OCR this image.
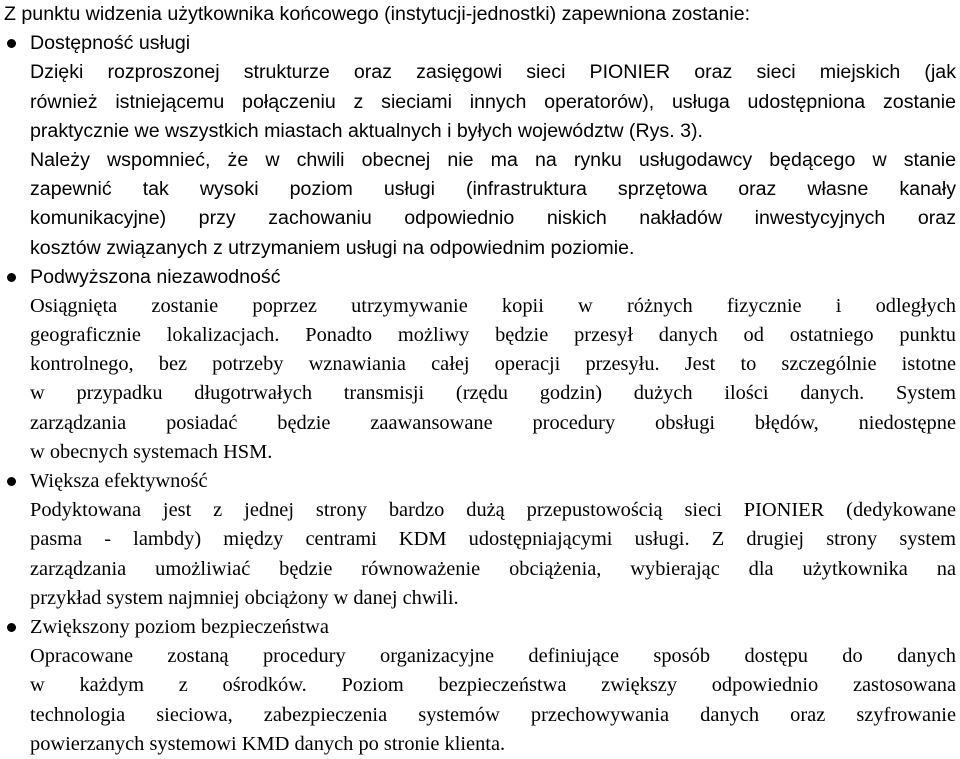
Z punktu widzenia użytkownika końcowego (instytucji-jednostki) zapewniona zostanie:
Dostępność usługi
Dzięki rozproszonej strukturze oraz zasięgowi sieci PIONIER oraz sieci miejskich (jak
również istniejącemu połączeniu z sieciami innych operatorów), usługa udostępniona zostanie
praktycznie we wszystkich miastach aktualnych i byłych województw (Rys. 3).
Należy wspomnieć, że w chwili obecnej nie ma na rynku usługodawcy będącego w stanie
zapewnić tak wysoki poziom usługi (infrastruktura sprzętowa oraz własne kanały
komunikacyjne) przy zachowaniu odpowiednio niskich nakładów inwestycyjnych oraz
kosztów związanych z utrzymaniem usługi na odpowiednim poziomie.
Podwyższona niezawodność
Osiągnięta zostanie poprzez utrzymywanie kopii w różnych fizycznie i odległych
geograficznie lokalizacjach. Ponadto możliwy będzie przesył danych od ostatniego punktu
kontrolnego, bez potrzeby wznawiania całej operacji przesyłu. Jest to szczególnie istotne
w przypadku długotrwałych transmisji (rzędu godzin) dużych ilości danych. System
zarządzania posiadać będzie zaawansowane procedury obsługi błędów, niedostępne
w obecnych systemach HSM.
Większa efektywność
Podyktowana jest z jednej strony bardzo dużą przepustowością sieci PIONIER (dedykowane
pasma - lambdy) między centrami KDM udostępniającymi usługi. Z drugiej strony system
zarządzania umożliwiać będzie równoważenie obciążenia, wybierając dla użytkownika na
przykład system najmniej obciążony w danej chwili.
Zwiększony poziom bezpieczeństwa
Opracowane zostaną procedury organizacyjne definiujące sposób dostępu do danych
w każdym z ośrodków. Poziom bezpieczeństwa zwiększy odpowiednio zastosowana
technologia sieciowa, zabezpieczenia systemów przechowywania danych oraz szyfrowanie
powierzanych systemowi KMD danych po stronie klienta.
